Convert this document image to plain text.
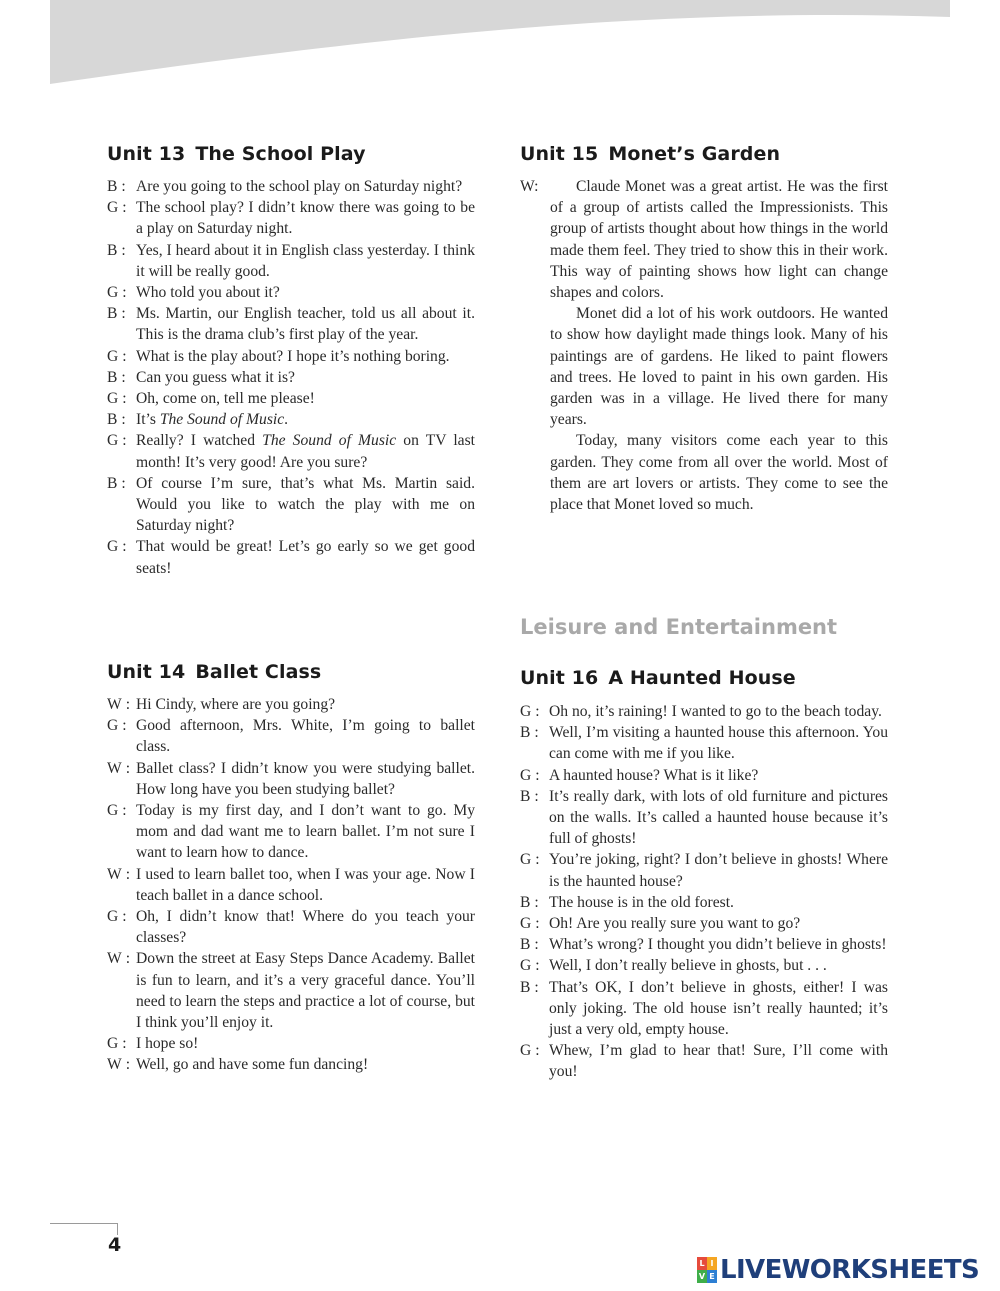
Unit 13 The School Play
B : Are you going to the school play on Saturday night?
G : The school play? I didn’t know there was going to be a play on Saturday night.
B : Yes, I heard about it in English class yesterday. I think it will be really good.
G : Who told you about it?
B : Ms. Martin, our English teacher, told us all about it. This is the drama club’s first play of the year.
G : What is the play about? I hope it’s nothing boring.
B : Can you guess what it is?
G : Oh, come on, tell me please!
B : It’s The Sound of Music.
G : Really? I watched The Sound of Music on TV last month! It’s very good! Are you sure?
B : Of course I’m sure, that’s what Ms. Martin said. Would you like to watch the play with me on Saturday night?
G : That would be great! Let’s go early so we get good seats!
Unit 14 Ballet Class
W : Hi Cindy, where are you going?
G : Good afternoon, Mrs. White, I’m going to ballet class.
W : Ballet class? I didn’t know you were studying ballet. How long have you been studying ballet?
G : Today is my first day, and I don’t want to go. My mom and dad want me to learn ballet. I’m not sure I want to learn how to dance.
W : I used to learn ballet too, when I was your age. Now I teach ballet in a dance school.
G : Oh, I didn’t know that! Where do you teach your classes?
W : Down the street at Easy Steps Dance Academy. Ballet is fun to learn, and it’s a very graceful dance. You’ll need to learn the steps and practice a lot of course, but I think you’ll enjoy it.
G : I hope so!
W : Well, go and have some fun dancing!
Unit 15 Monet’s Garden
W:	Claude Monet was a great artist. He was the first of a group of artists called the Impressionists. This group of artists thought about how things in the world made them feel. They tried to show this in their work. This way of painting shows how light can change shapes and colors.

Monet did a lot of his work outdoors. He wanted to show how daylight made things look. Many of his paintings are of gardens. He liked to paint flowers and trees. He loved to paint in his own garden. His garden was in a village. He lived there for many years.

Today, many visitors come each year to this garden. They come from all over the world. Most of them are art lovers or artists. They come to see the place that Monet loved so much.

Leisure and Entertainment
Unit 16 A Haunted House
G : Oh no, it’s raining! I wanted to go to the beach today.
B : Well, I’m visiting a haunted house this afternoon. You can come with me if you like.
G : A haunted house? What is it like?
B : It’s really dark, with lots of old furniture and pictures on the walls. It’s called a haunted house because it’s full of ghosts!
G : You’re joking, right? I don’t believe in ghosts! Where is the haunted house?
B : The house is in the old forest.
G : Oh! Are you really sure you want to go?
B : What’s wrong? I thought you didn’t believe in ghosts!
G : Well, I don’t really believe in ghosts, but . . .
B : That’s OK, I don’t believe in ghosts, either! I was only joking. The old house isn’t really haunted; it’s just a very old, empty house.
G : Whew, I’m glad to hear that! Sure, I’ll come with you!
4
L I
V E LIVEWORKSHEETS
